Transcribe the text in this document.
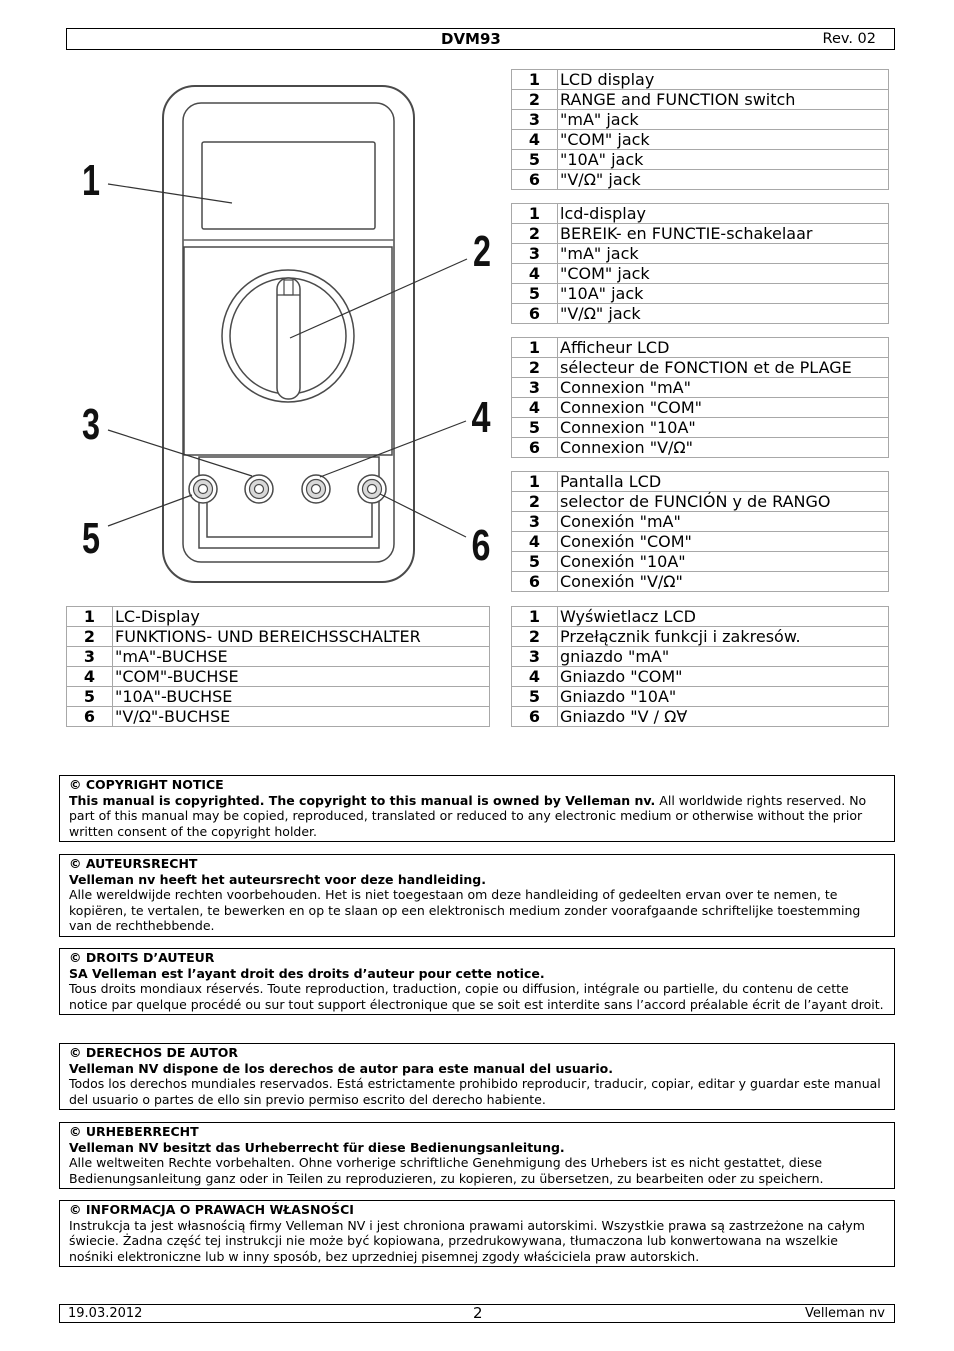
DVM93	Rev. 02
1
2
3	4
5	6
1	LCD display
2	RANGE and FUNCTION switch
3	"mA" jack
4	"COM" jack
5	"10A" jack
6	"V/Ω" jack
1	lcd-display
2	BEREIK- en FUNCTIE-schakelaar
3	"mA" jack
4	"COM" jack
5	"10A" jack
6	"V/Ω" jack
1	Afficheur LCD
2	sélecteur de FONCTION et de PLAGE
3	Connexion "mA"
4	Connexion "COM"
5	Connexion "10A"
6	Connexion "V/Ω"
1	Pantalla LCD
2	selector de FUNCIÓN y de RANGO
3	Conexión "mA"
4	Conexión "COM"
5	Conexión "10A"
6	Conexión "V/Ω"
1	LC-Display
2	FUNKTIONS- UND BEREICHSSCHALTER
3	"mA"-BUCHSE
4	"COM"-BUCHSE
5	"10A"-BUCHSE
6	"V/Ω"-BUCHSE
1	Wyświetlacz LCD
2	Przełącznik funkcji i zakresów.
3	gniazdo "mA"
4	Gniazdo "COM"
5	Gniazdo "10A"
6	Gniazdo "V / Ω∀
© COPYRIGHT NOTICE
This manual is copyrighted. The copyright to this manual is owned by Velleman nv. All worldwide rights reserved. No part of this manual may be copied, reproduced, translated or reduced to any electronic medium or otherwise without the prior written consent of the copyright holder.
© AUTEURSRECHT
Velleman nv heeft het auteursrecht voor deze handleiding.
Alle wereldwijde rechten voorbehouden. Het is niet toegestaan om deze handleiding of gedeelten ervan over te nemen, te kopiëren, te vertalen, te bewerken en op te slaan op een elektronisch medium zonder voorafgaande schriftelijke toestemming van de rechthebbende.
© DROITS D’AUTEUR
SA Velleman est l’ayant droit des droits d’auteur pour cette notice.
Tous droits mondiaux réservés. Toute reproduction, traduction, copie ou diffusion, intégrale ou partielle, du contenu de cette notice par quelque procédé ou sur tout support électronique que se soit est interdite sans l’accord préalable écrit de l’ayant droit.
© DERECHOS DE AUTOR
Velleman NV dispone de los derechos de autor para este manual del usuario.
Todos los derechos mundiales reservados. Está estrictamente prohibido reproducir, traducir, copiar, editar y guardar este manual del usuario o partes de ello sin previo permiso escrito del derecho habiente.
© URHEBERRECHT
Velleman NV besitzt das Urheberrecht für diese Bedienungsanleitung.
Alle weltweiten Rechte vorbehalten. Ohne vorherige schriftliche Genehmigung des Urhebers ist es nicht gestattet, diese Bedienungsanleitung ganz oder in Teilen zu reproduzieren, zu kopieren, zu übersetzen, zu bearbeiten oder zu speichern.
© INFORMACJA O PRAWACH WŁASNOŚCI
Instrukcja ta jest własnością firmy Velleman NV i jest chroniona prawami autorskimi. Wszystkie prawa są zastrzeżone na całym świecie. Żadna część tej instrukcji nie może być kopiowana, przedrukowywana, tłumaczona lub konwertowana na wszelkie nośniki elektroniczne lub w inny sposób, bez uprzedniej pisemnej zgody właściciela praw autorskich.
19.03.2012	2	Velleman nv
